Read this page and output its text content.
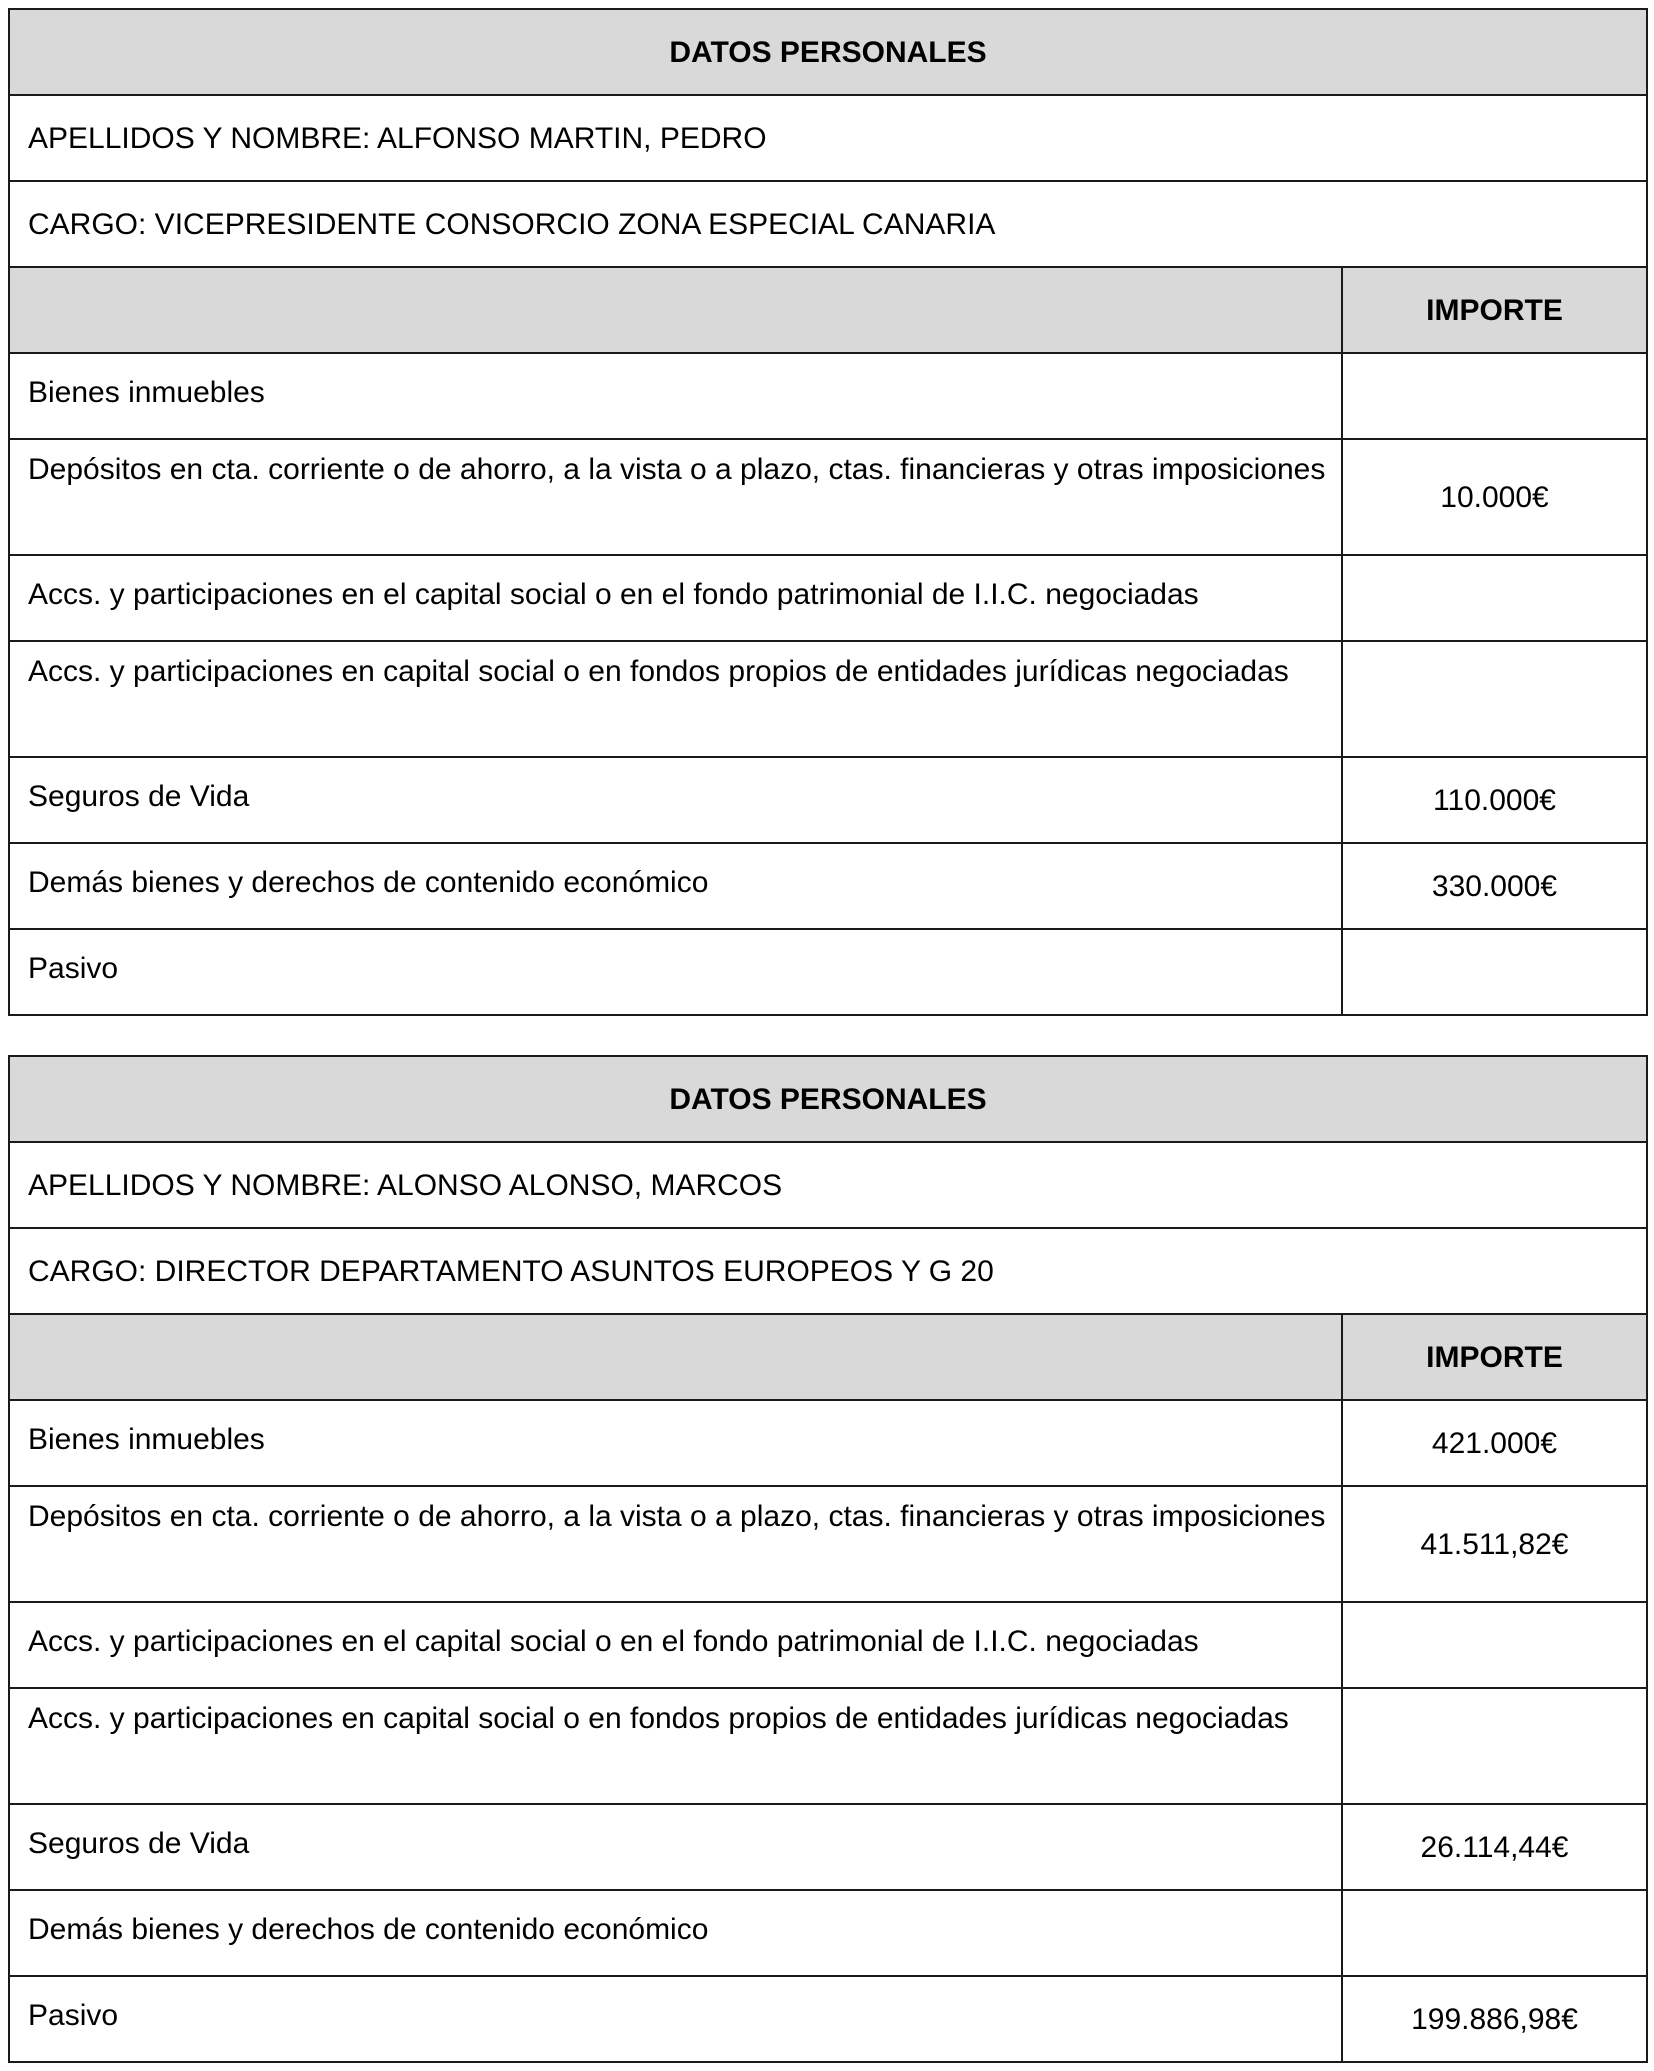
DATOS PERSONALES	
APELLIDOS Y NOMBRE: ALFONSO MARTIN, PEDRO	
CARGO: VICEPRESIDENTE CONSORCIO ZONA ESPECIAL CANARIA	
	IMPORTE
Bienes inmuebles	
Depósitos en cta. corriente o de ahorro, a la vista o a plazo, ctas. financieras y otras imposiciones	10.000€
Accs. y participaciones en el capital social o en el fondo patrimonial de I.I.C. negociadas	
Accs. y participaciones en capital social o en fondos propios de entidades jurídicas negociadas	
Seguros de Vida	110.000€
Demás bienes y derechos de contenido económico	330.000€
Pasivo	
DATOS PERSONALES	
APELLIDOS Y NOMBRE: ALONSO ALONSO, MARCOS	
CARGO: DIRECTOR DEPARTAMENTO ASUNTOS EUROPEOS Y G 20	
	IMPORTE
Bienes inmuebles	421.000€
Depósitos en cta. corriente o de ahorro, a la vista o a plazo, ctas. financieras y otras imposiciones	41.511,82€
Accs. y participaciones en el capital social o en el fondo patrimonial de I.I.C. negociadas	
Accs. y participaciones en capital social o en fondos propios de entidades jurídicas negociadas	
Seguros de Vida	26.114,44€
Demás bienes y derechos de contenido económico	
Pasivo	199.886,98€
